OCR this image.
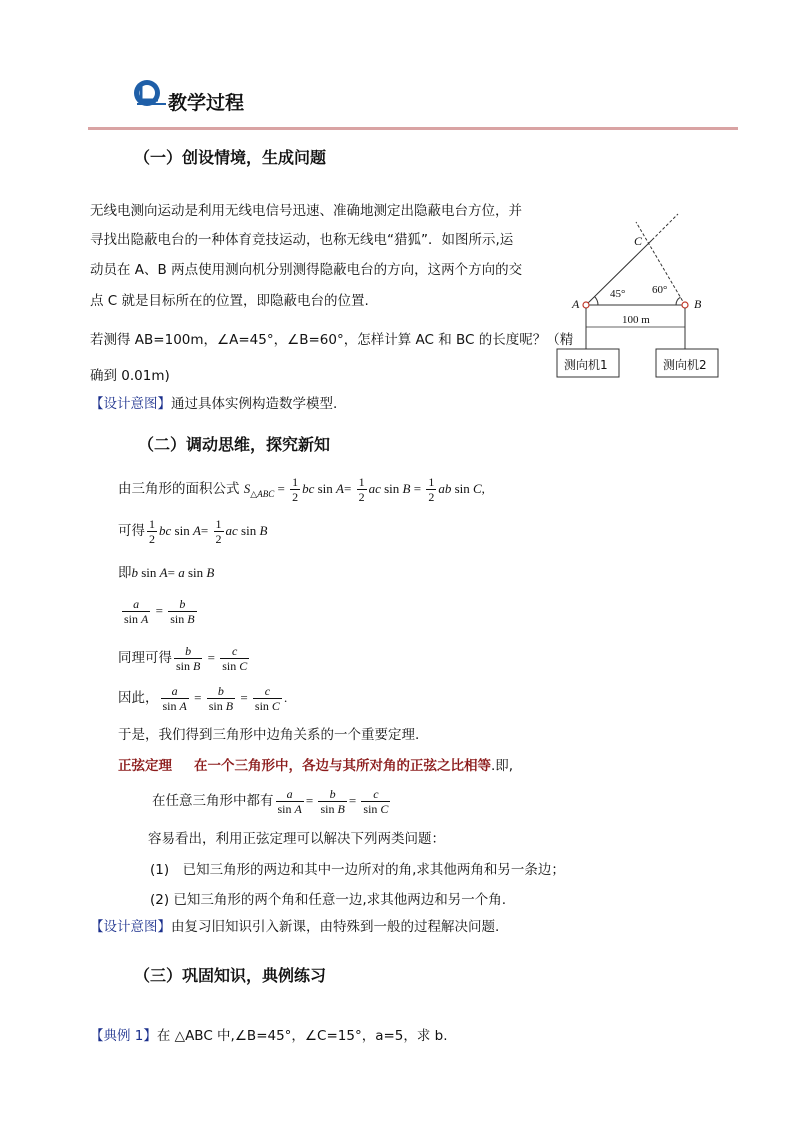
教学过程
（一）创设情境，生成问题
无线电测向运动是利用无线电信号迅速、准确地测定出隐蔽电台方位，并
寻找出隐蔽电台的一种体育竞技运动，也称无线电“猎狐”．如图所示,运
动员在 A、B 两点使用测向机分别测得隐蔽电台的方向，这两个方向的交
点 C 就是目标所在的位置，即隐蔽电台的位置.
若测得 AB=100m，∠A=45°，∠B=60°，怎样计算 AC 和 BC 的长度呢？（精
确到 0.01m)
【设计意图】通过具体实例构造数学模型.
C
A	B
45° 60°
100 m
测向机1	测向机2
（二）调动思维，探究新知
由三角形的面积公式 $S_{\triangle ABC} = \frac{1}{2}$ bc $\sin A= \frac{1}{2}$ ac $\sin B = \frac{1}{2}$ ab sin C,
可得 $\frac{1}{2}$ bc $\sin A= \frac{1}{2}$ ac sin B
即b sin A= a sin B
$\frac{a}{\text{sin A}} = \frac{b}{\text{sin B}}$
同理可得 $\frac{b}{\text{sin B}} = \frac{c}{\text{sin C}}$
因此， $\frac{a}{\text{sin A}} = \frac{b}{\text{sin B}} = \frac{c}{\text{sin C}}$ .
于是，我们得到三角形中边角关系的一个重要定理.
正弦定理 在一个三角形中，各边与其所对角的正弦之比相等.即,
在任意三角形中都有 $\frac{a}{\text{sin A}} = \frac{b}{\text{sin B}} = \frac{c}{\text{sin C}}$
容易看出，利用正弦定理可以解决下列两类问题：
(1)　已知三角形的两边和其中一边所对的角,求其他两角和另一条边；
(2) 已知三角形的两个角和任意一边,求其他两边和另一个角.
【设计意图】由复习旧知识引入新课，由特殊到一般的过程解决问题.
（三）巩固知识，典例练习
【典例 1】在 △ABC 中,∠B=45°，∠C=15°，a=5，求 b.
